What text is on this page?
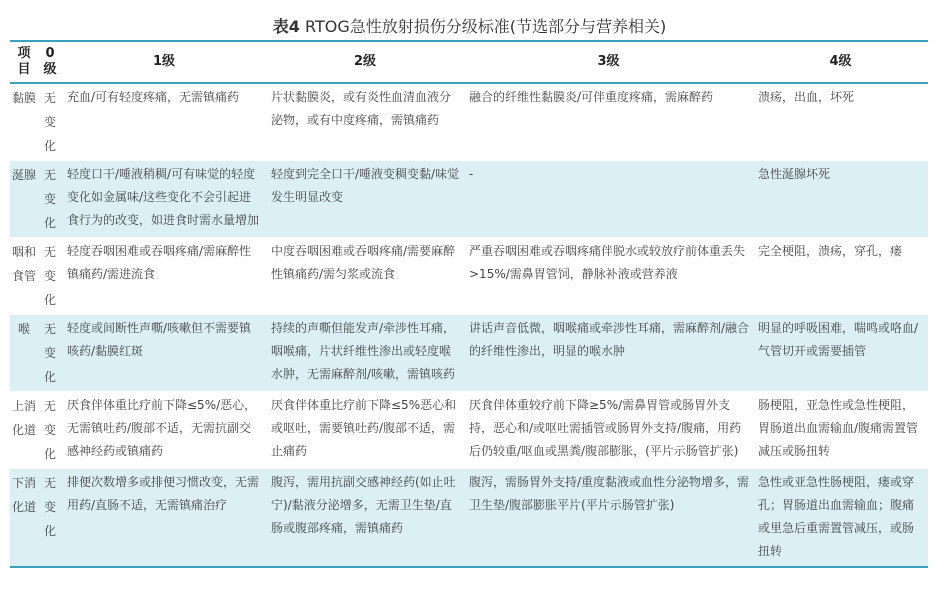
表4 RTOG急性放射损伤分级标准(节选部分与营养相关)
项目	0级	1级	2级	3级	4级
黏膜	无变化	充血/可有轻度疼痛，无需镇痛药	片状黏膜炎，或有炎性血清血液分泌物，或有中度疼痛，需镇痛药	融合的纤维性黏膜炎/可伴重度疼痛，需麻醉药	溃疡，出血，坏死
涎腺	无变化	轻度口干/唾液稍稠/可有味觉的轻度变化如金属味/这些变化不会引起进食行为的改变，如进食时需水量增加	轻度到完全口干/唾液变稠变黏/味觉发生明显改变	-	急性涎腺坏死
咽和食管	无变化	轻度吞咽困难或吞咽疼痛/需麻醉性镇痛药/需进流食	中度吞咽困难或吞咽疼痛/需要麻醉性镇痛药/需匀浆或流食	严重吞咽困难或吞咽疼痛伴脱水或较放疗前体重丢失>15%/需鼻胃管饲，静脉补液或营养液	完全梗阻，溃疡，穿孔，瘘
喉	无变化	轻度或间断性声嘶/咳嗽但不需要镇咳药/黏膜红斑	持续的声嘶但能发声/牵涉性耳痛，咽喉痛，片状纤维性渗出或轻度喉水肿，无需麻醉剂/咳嗽，需镇咳药	讲话声音低微，咽喉痛或牵涉性耳痛，需麻醉剂/融合的纤维性渗出，明显的喉水肿	明显的呼吸困难，喘鸣或咯血/气管切开或需要插管
上消化道	无变化	厌食伴体重比疗前下降≤5%/恶心，无需镇吐药/腹部不适，无需抗副交感神经药或镇痛药	厌食伴体重比疗前下降≤5%恶心和或呕吐，需要镇吐药/腹部不适，需止痛药	厌食伴体重较疗前下降≥5%/需鼻胃管或肠胃外支持，恶心和/或呕吐需插管或肠胃外支持/腹痛，用药后仍较重/呕血或黑粪/腹部膨胀，(平片示肠管扩张)	肠梗阻，亚急性或急性梗阻，胃肠道出血需输血/腹痛需置管减压或肠扭转
下消化道	无变化	排便次数增多或排便习惯改变，无需用药/直肠不适，无需镇痛治疗	腹泻，需用抗副交感神经药(如止吐宁)/黏液分泌增多，无需卫生垫/直肠或腹部疼痛，需镇痛药	腹泻，需肠胃外支持/重度黏液或血性分泌物增多，需卫生垫/腹部膨胀平片(平片示肠管扩张)	急性或亚急性肠梗阻，瘘或穿孔；胃肠道出血需输血；腹痛或里急后重需置管减压，或肠扭转
